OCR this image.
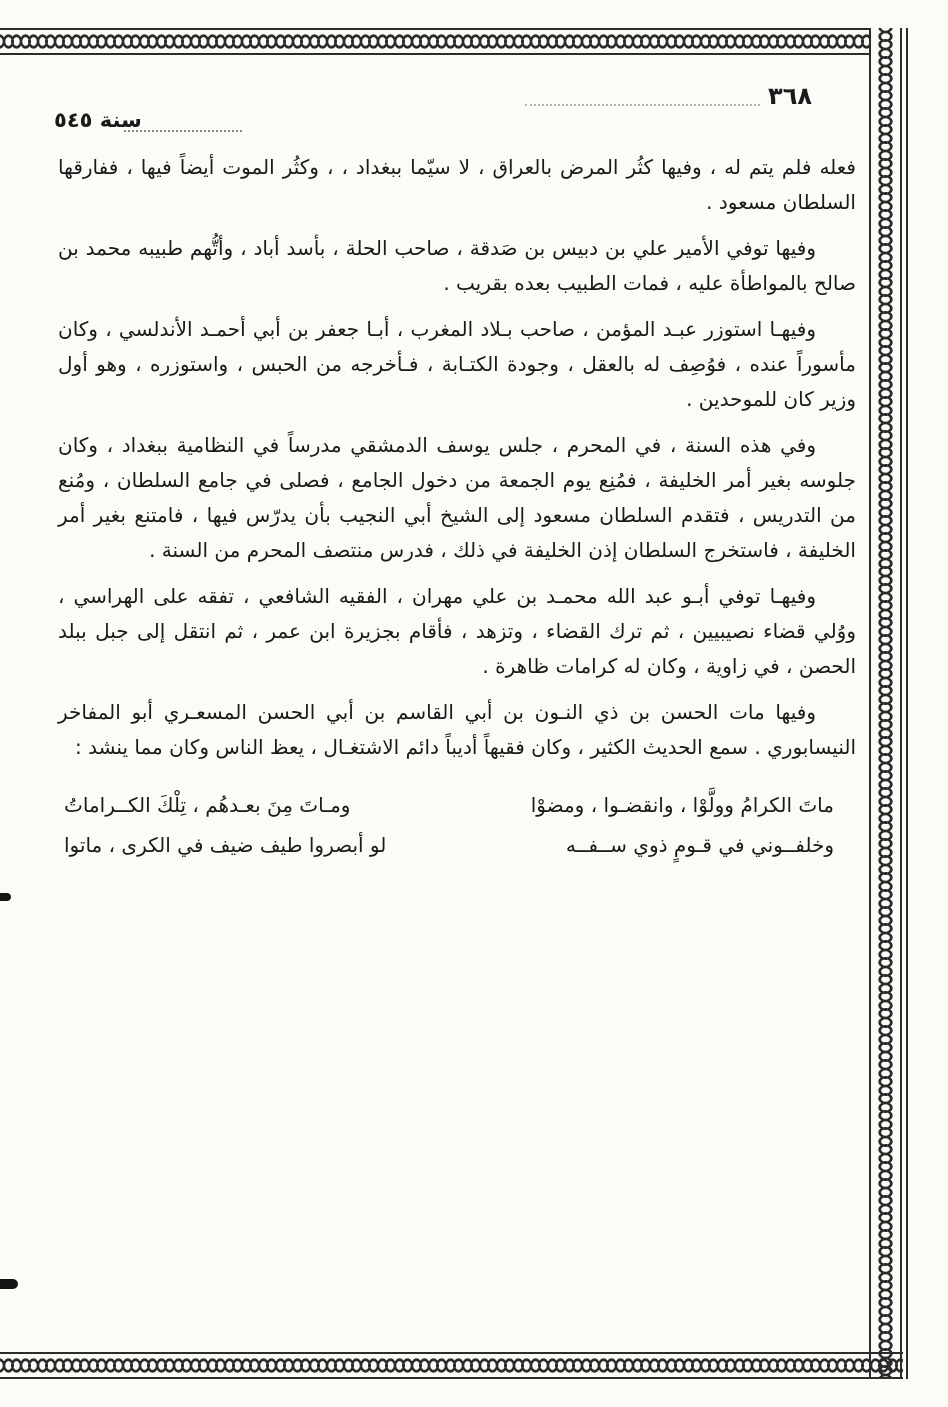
٣٦٨
سنة ٥٤٥

فعله فلم يتم له ، وفيها كثُر المرض بالعراق ، لا سيّما ببغداد ، ، وكثُر الموت أيضاً فيها ، ففارقها السلطان مسعود .

وفيها توفي الأمير علي بن دبيس بن صَدقة ، صاحب الحلة ، بأسد أباد ، وأتُّهم طبيبه محمد بن صالح بالمواطأة عليه ، فمات الطبيب بعده بقريب .

وفيهـا استوزر عبـد المؤمن ، صاحب بـلاد المغرب ، أبـا جعفر بن أبي أحمـد الأندلسي ، وكان مأسوراً عنده ، فوُصِف له بالعقل ، وجودة الكتـابة ، فـأخرجه من الحبس ، واستوزره ، وهو أول وزير كان للموحدين .

وفي هذه السنة ، في المحرم ، جلس يوسف الدمشقي مدرساً في النظامية ببغداد ، وكان جلوسه بغير أمر الخليفة ، فمُنِع يوم الجمعة من دخول الجامع ، فصلى في جامع السلطان ، ومُنع من التدريس ، فتقدم السلطان مسعود إلى الشيخ أبي النجيب بأن يدرّس فيها ، فامتنع بغير أمر الخليفة ، فاستخرج السلطان إذن الخليفة في ذلك ، فدرس منتصف المحرم من السنة .

وفيهـا توفي أبـو عبد الله محمـد بن علي مهران ، الفقيه الشافعي ، تفقه على الهراسي ، ووُلي قضاء نصيبيين ، ثم ترك القضاء ، وتزهد ، فأقام بجزيرة ابن عمر ، ثم انتقل إلى جبل ببلد الحصن ، في زاوية ، وكان له كرامات ظاهرة .

وفيها مات الحسن بن ذي النـون بن أبي القاسم بن أبي الحسن المسعـري أبو المفاخر النيسابوري . سمع الحديث الكثير ، وكان فقيهاً أديباً دائم الاشتغـال ، يعظ الناس وكان مما ينشد :

ماتَ الكرامُ وولَّوْا ، وانقضـوا ، ومضوْا
ومـاتَ مِنَ بعـدهُم ، تِلْكَ الكــراماتُ
وخلفــوني في قـومٍ ذوي ســفــه
لو أبصروا طيف ضيف في الكرى ، ماتوا
